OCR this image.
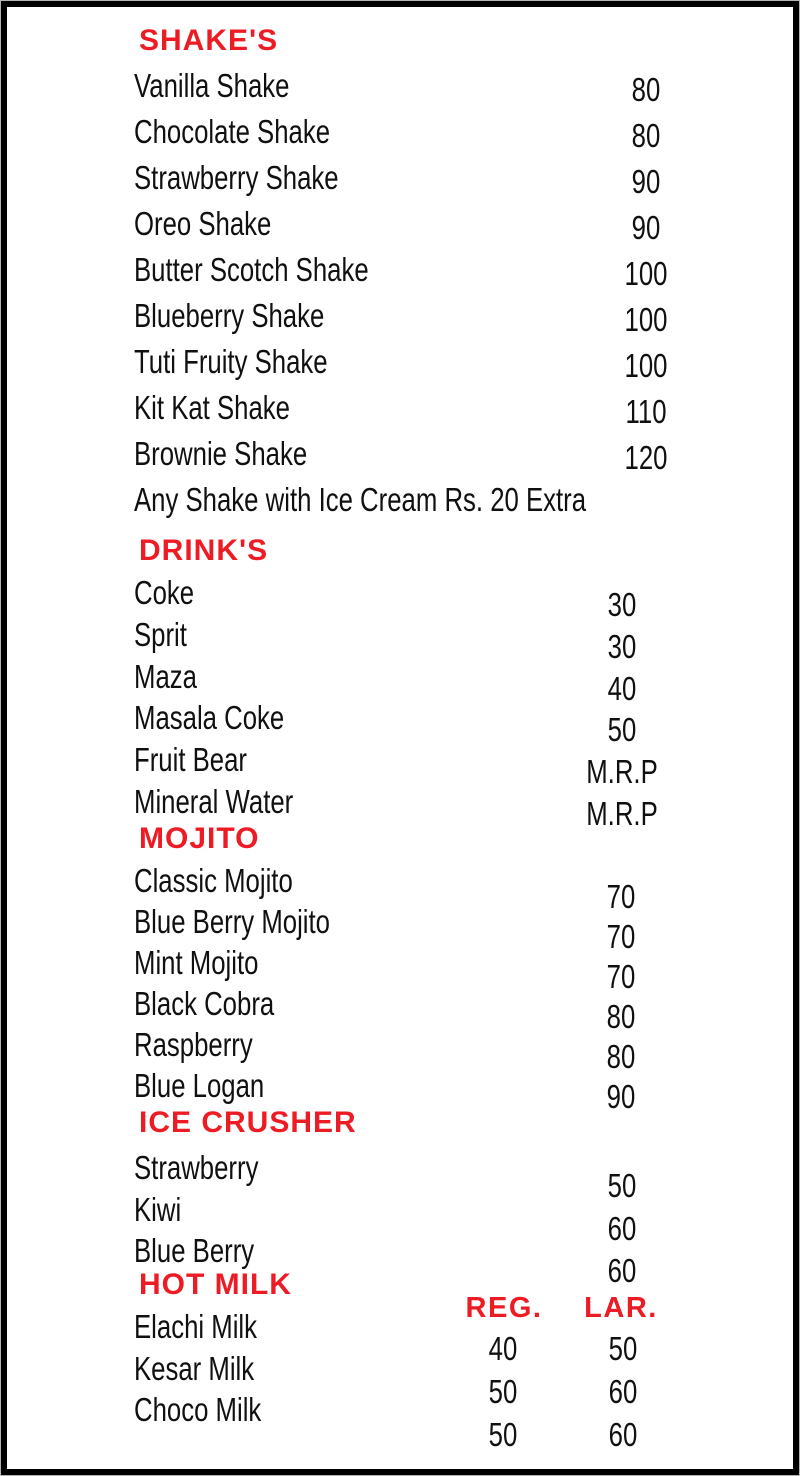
SHAKE'S
Vanilla Shake
Chocolate Shake
Strawberry Shake
Oreo Shake
Butter Scotch Shake
Blueberry Shake
Tuti Fruity Shake
Kit Kat Shake
Brownie Shake
Any Shake with Ice Cream Rs. 20 Extra
80
80
90
90
100
100
100
110
120
DRINK'S
Coke
Sprit
Maza
Masala Coke
Fruit Bear
Mineral Water
30
30
40
50
M.R.P
M.R.P
MOJITO
Classic Mojito
Blue Berry Mojito
Mint Mojito
Black Cobra
Raspberry
Blue Logan
70
70
70
80
80
90
ICE CRUSHER
Strawberry
Kiwi
Blue Berry
50
60
60
HOT MILK
REG.	LAR.
Elachi Milk
Kesar Milk
Choco Milk
40
50
50
50
60
60
